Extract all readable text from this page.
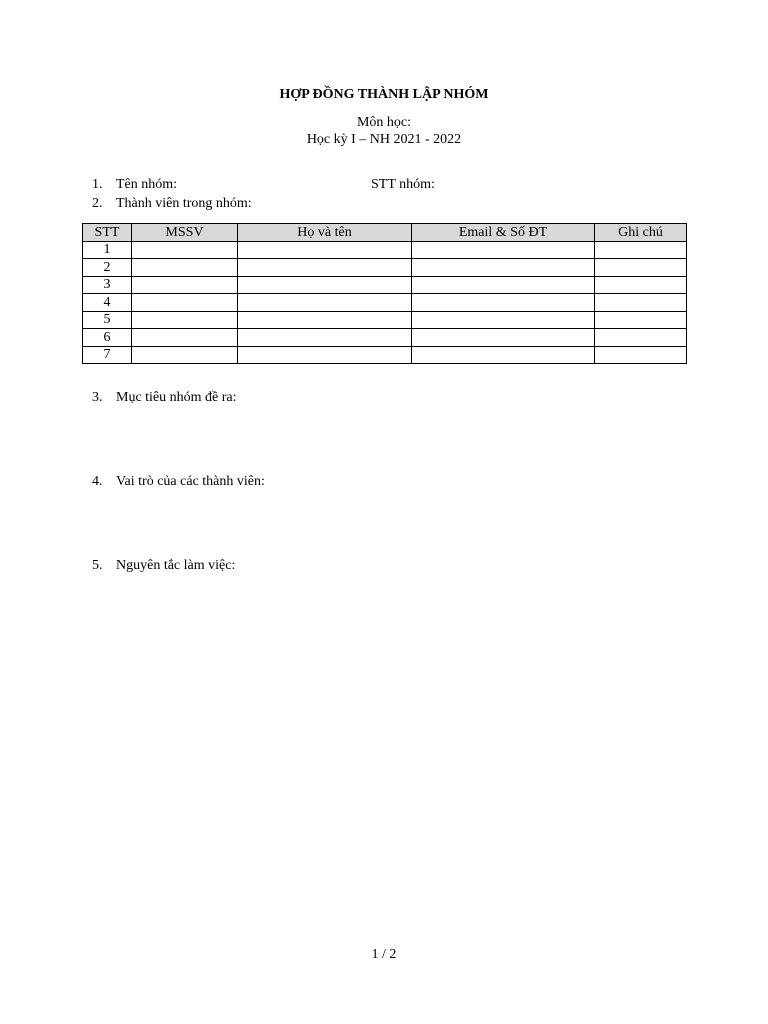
HỢP ĐỒNG THÀNH LẬP NHÓM
Môn học:
Học kỳ I – NH 2021 - 2022
1. Tên nhóm:	STT nhóm:
2. Thành viên trong nhóm:
STT	MSSV	Họ và tên	Email & Số ĐT	Ghi chú
1				
2				
3				
4				
5				
6				
7				
3. Mục tiêu nhóm đề ra:
4. Vai trò của các thành viên:
5. Nguyên tắc làm việc:
1 / 2
